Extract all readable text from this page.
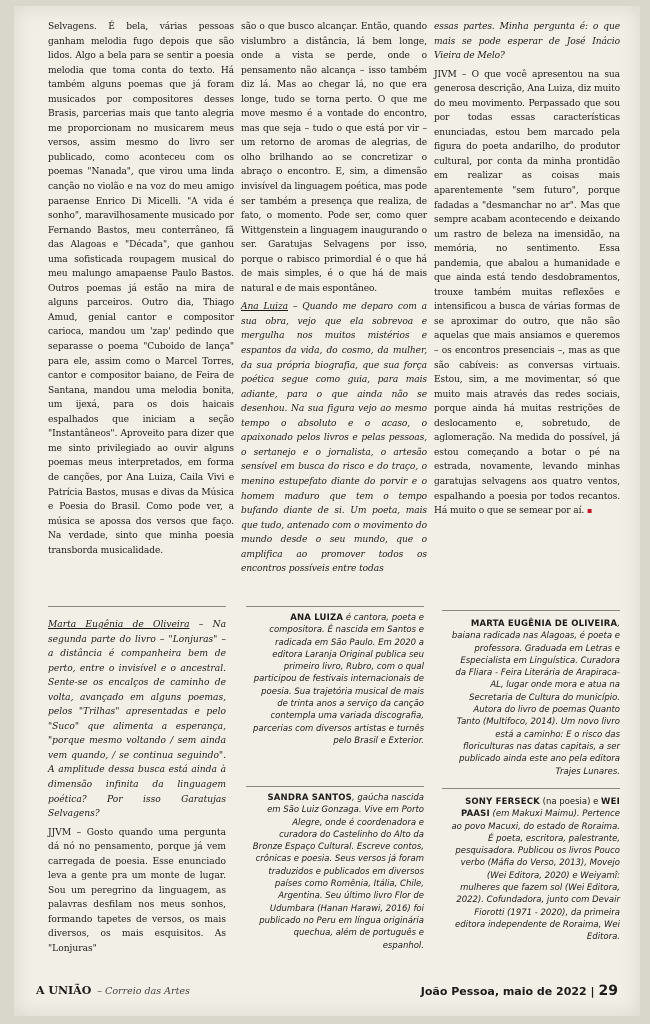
Selvagens. É bela, várias pessoas ganham melodia fugo depois que são lidos. Algo a bela para se sentir a poesia melodia que toma conta do texto. Há também alguns poemas que já foram musicados por compositores desses Brasis, parcerias mais que tanto alegria me proporcionam no musicarem meus versos, assim mesmo do livro ser publicado, como aconteceu com os poemas "Nanada", que virou uma linda canção no violão e na voz do meu amigo paraense Enrico Di Micelli. "A vida é sonho", maravilhosamente musicado por Fernando Bastos, meu conterrâneo, fã das Alagoas e "Década", que ganhou uma sofisticada roupagem musical do meu malungo amapaense Paulo Bastos. Outros poemas já estão na mira de alguns parceiros. Outro dia, Thiago Amud, genial cantor e compositor carioca, mandou um 'zap' pedindo que separasse o poema "Cuboido de lança" para ele, assim como o Marcel Torres, cantor e compositor baiano, de Feira de Santana, mandou uma melodia bonita, um ijexá, para os dois haicais espalhados que iniciam a seção "Instantâneos". Aproveito para dizer que me sinto privilegiado ao ouvir alguns poemas meus interpretados, em forma de canções, por Ana Luiza, Caila Vivi e Patrícia Bastos, musas e divas da Música e Poesia do Brasil. Como pode ver, a música se apossa dos versos que faço. Na verdade, sinto que minha poesia transborda musicalidade.

são o que busco alcançar. Então, quando vislumbro a distância, lá bem longe, onde a vista se perde, onde o pensamento não alcança – isso também diz lá. Mas ao chegar lá, no que era longe, tudo se torna perto. O que me move mesmo é a vontade do encontro, mas que seja – tudo o que está por vir – um retorno de aromas de alegrias, de olho brilhando ao se concretizar o abraço o encontro. E, sim, a dimensão invisível da linguagem poética, mas pode ser também a presença que realiza, de fato, o momento. Pode ser, como quer Wittgenstein a linguagem inaugurando o ser. Garatujas Selvagens por isso, porque o rabisco primordial é o que há de mais simples, é o que há de mais natural e de mais espontâneo.

Ana Luiza – Quando me deparo com a sua obra, vejo que ela sobrevoa e mergulha nos muitos mistérios e espantos da vida, do cosmo, da mulher, da sua própria biografia, que sua força poética segue como guia, para mais adiante, para o que ainda não se desenhou. Na sua figura vejo ao mesmo tempo o absoluto e o acaso, o apaixonado pelos livros e pelas pessoas, o sertanejo e o jornalista, o artesão sensível em busca do risco e do traço, o menino estupefato diante do porvir e o homem maduro que tem o tempo bufando diante de si. Um poeta, mais que tudo, antenado com o movimento do mundo desde o seu mundo, que o amplifica ao promover todos os encontros possíveis entre todas

essas partes. Minha pergunta é: o que mais se pode esperar de José Inácio Vieira de Melo?

JIVM – O que você apresentou na sua generosa descrição, Ana Luiza, diz muito do meu movimento. Perpassado que sou por todas essas características enunciadas, estou bem marcado pela figura do poeta andarilho, do produtor cultural, por conta da minha prontidão em realizar as coisas mais aparentemente "sem futuro", porque fadadas a "desmanchar no ar". Mas que sempre acabam acontecendo e deixando um rastro de beleza na imensidão, na memória, no sentimento. Essa pandemia, que abalou a humanidade e que ainda está tendo desdobramentos, trouxe também muitas reflexões e intensificou a busca de várias formas de se aproximar do outro, que não são aquelas que mais ansiamos e queremos – os encontros presenciais –, mas as que são cabíveis: as conversas virtuais. Estou, sim, a me movimentar, só que muito mais através das redes sociais, porque ainda há muitas restrições de deslocamento e, sobretudo, de aglomeração. Na medida do possível, já estou começando a botar o pé na estrada, novamente, levando minhas garatujas selvagens aos quatro ventos, espalhando a poesia por todos recantos. Há muito o que se semear por aí. ▪

Marta Eugênia de Oliveira – Na segunda parte do livro – "Lonjuras" – a distância é companheira bem de perto, entre o invisível e o ancestral. Sente-se os encalços de caminho de volta, avançado em alguns poemas, pelos "Trilhas" apresentadas e pelo "Suco" que alimenta a esperança, "porque mesmo voltando / sem ainda vem quando, / se continua seguindo". A amplitude dessa busca está ainda à dimensão infinita da linguagem poética? Por isso Garatujas Selvagens?

JJVM – Gosto quando uma pergunta dá nó no pensamento, porque já vem carregada de poesia. Esse enunciado leva a gente pra um monte de lugar. Sou um peregrino da linguagem, as palavras desfilam nos meus sonhos, formando tapetes de versos, os mais diversos, os mais esquisitos. As "Lonjuras"

ANA LUIZA é cantora, poeta e compositora. É nascida em Santos e radicada em São Paulo. Em 2020 a editora Laranja Original publica seu primeiro livro, Rubro, com o qual participou de festivais internacionais de poesia. Sua trajetória musical de mais de trinta anos a serviço da canção contempla uma variada discografia, parcerias com diversos artistas e turnês pelo Brasil e Exterior.
MARTA EUGÊNIA DE OLIVEIRA, baiana radicada nas Alagoas, é poeta e professora. Graduada em Letras e Especialista em Linguística. Curadora da Fliara - Feira Literária de Arapiraca-AL, lugar onde mora e atua na Secretaria de Cultura do município. Autora do livro de poemas Quanto Tanto (Multifoco, 2014). Um novo livro está a caminho: E o risco das floriculturas nas datas capitais, a ser publicado ainda este ano pela editora Trajes Lunares.
SANDRA SANTOS, gaúcha nascida em São Luiz Gonzaga. Vive em Porto Alegre, onde é coordenadora e curadora do Castelinho do Alto da Bronze Espaço Cultural. Escreve contos, crônicas e poesia. Seus versos já foram traduzidos e publicados em diversos países como Romênia, Itália, Chile, Argentina. Seu último livro Flor de Udumbara (Hanan Harawi, 2016) foi publicado no Peru em língua originária quechua, além de português e espanhol.
SONY FERSECK (na poesia) e WEI PAASI (em Makuxi Maimu). Pertence ao povo Macuxi, do estado de Roraima. É poeta, escritora, palestrante, pesquisadora. Publicou os livros Pouco verbo (Máfia do Verso, 2013), Movejo (Wei Editora, 2020) e Weiyamî: mulheres que fazem sol (Wei Editora, 2022). Cofundadora, junto com Devair Fiorotti (1971 - 2020), da primeira editora independente de Roraima, Wei Editora.
A UNIÃO – Correio das Artes	João Pessoa, maio de 2022 | 29
